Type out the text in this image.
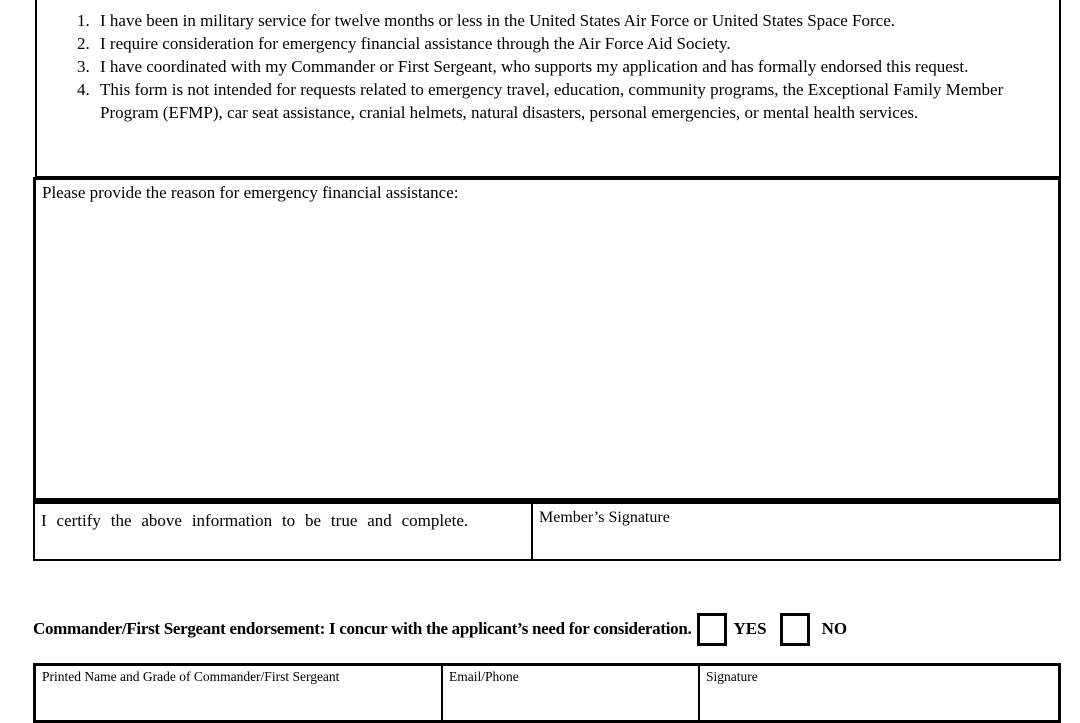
1. I have been in military service for twelve months or less in the United States Air Force or United States Space Force.
2. I require consideration for emergency financial assistance through the Air Force Aid Society.
3. I have coordinated with my Commander or First Sergeant, who supports my application and has formally endorsed this request.
4. This form is not intended for requests related to emergency travel, education, community programs, the Exceptional Family Member Program (EFMP), car seat assistance, cranial helmets, natural disasters, personal emergencies, or mental health services.
Please provide the reason for emergency financial assistance:
I certify the above information to be true and complete.	Member’s Signature
Commander/First Sergeant endorsement: I concur with the applicant’s need for consideration. YES	NO
Printed Name and Grade of Commander/First Sergeant	Email/Phone	Signature
